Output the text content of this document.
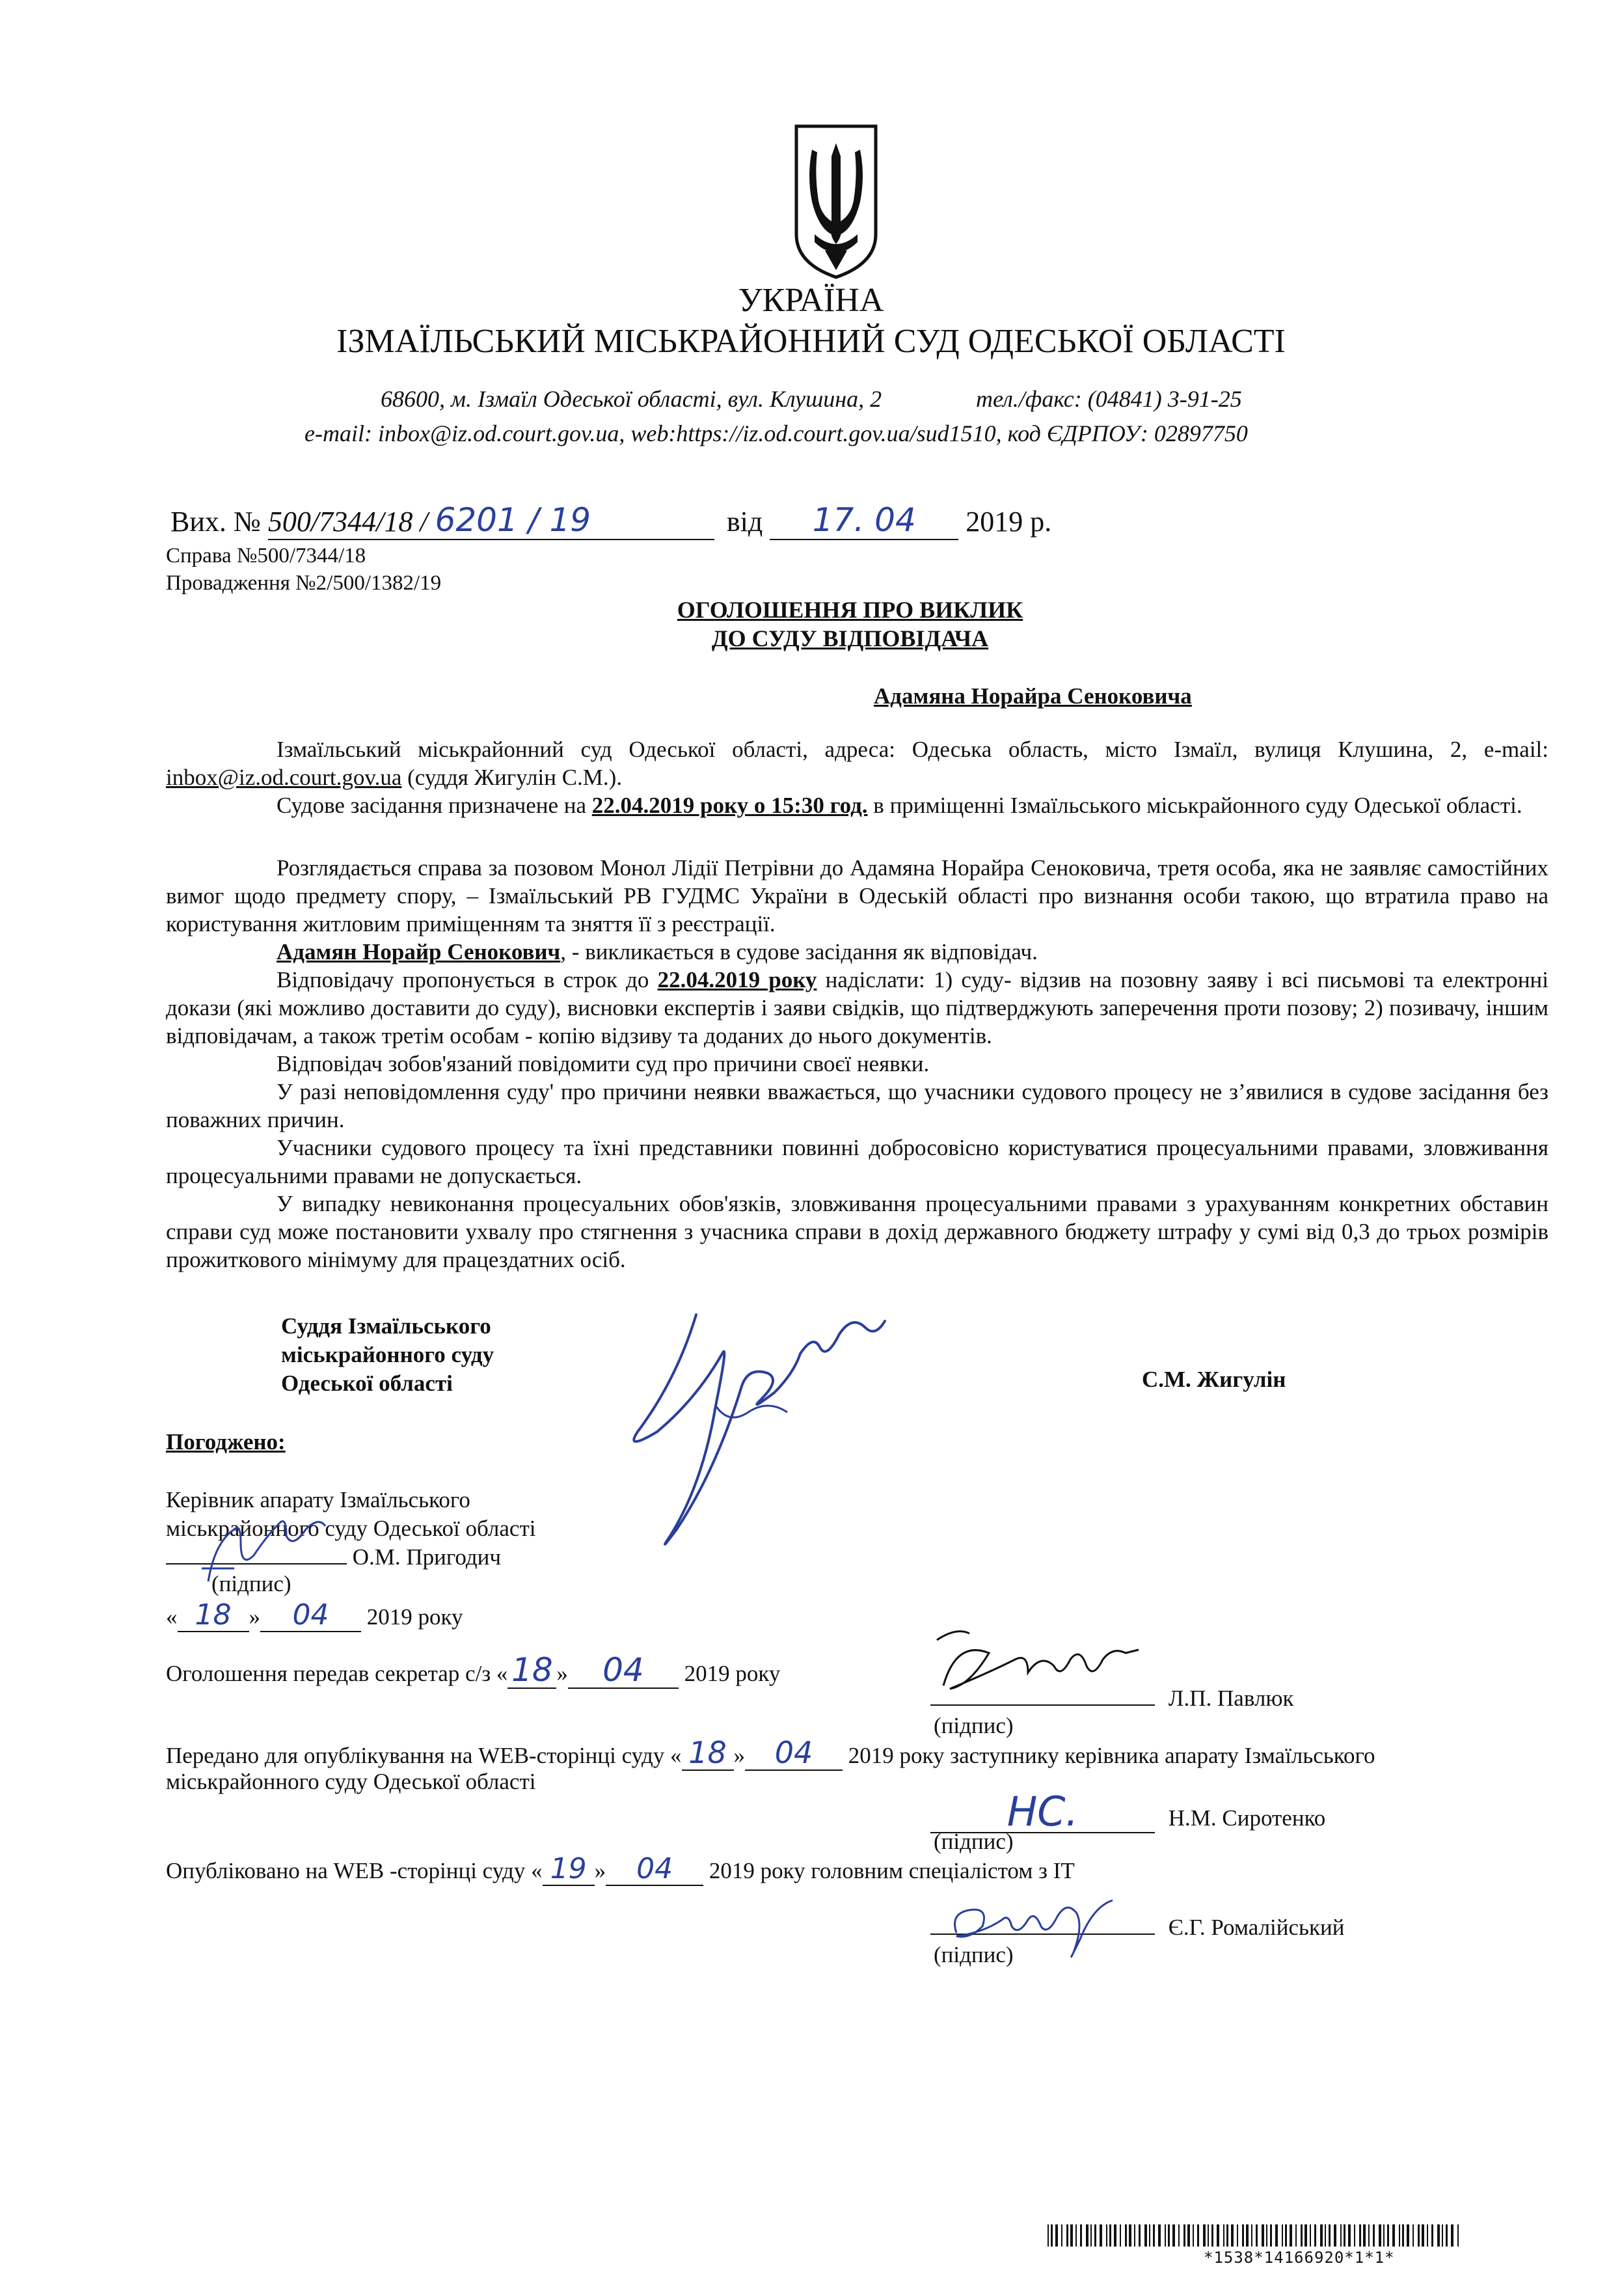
УКРАЇНА
ІЗМАЇЛЬСЬКИЙ МІСЬКРАЙОННИЙ СУД ОДЕСЬКОЇ ОБЛАСТІ
68600, м. Ізмаїл Одеської області, вул. Клушина, 2	тел./факс: (04841) 3-91-25
e-mail: inbox@iz.od.court.gov.ua, web:https://iz.od.court.gov.ua/sud1510, код ЄДРПОУ: 02897750
Вих. № 500/7344/18 / 6201 / 19	від 17. 04 2019 р.
Справа №500/7344/18
Провадження №2/500/1382/19
ОГОЛОШЕННЯ ПРО ВИКЛИК
ДО СУДУ ВІДПОВІДАЧА
Адамяна Норайра Сеноковича

Ізмаїльський міськрайонний суд Одеської області, адреса: Одеська область, місто Ізмаїл, вулиця Клушина, 2, e-mail: inbox@iz.od.court.gov.ua (суддя Жигулін С.М.).

Судове засідання призначене на 22.04.2019 року о 15:30 год. в приміщенні Ізмаїльського міськрайонного суду Одеської області.

Розглядається справа за позовом Монол Лідії Петрівни до Адамяна Норайра Сеноковича, третя особа, яка не заявляє самостійних вимог щодо предмету спору, – Ізмаїльський РВ ГУДМС України в Одеській області про визнання особи такою, що втратила право на користування житловим приміщенням та зняття її з реєстрації.

Адамян Норайр Сенокович, - викликається в судове засідання як відповідач.

Відповідачу пропонується в строк до 22.04.2019 року надіслати: 1) суду- відзив на позовну заяву і всі письмові та електронні докази (які можливо доставити до суду), висновки експертів і заяви свідків, що підтверджують заперечення проти позову; 2) позивачу, іншим відповідачам, а також третім особам - копію відзиву та доданих до нього документів.

Відповідач зобов'язаний повідомити суд про причини своєї неявки.

У разі неповідомлення суду' про причини неявки вважається, що учасники судового процесу не з’явилися в судове засідання без поважних причин.

Учасники судового процесу та їхні представники повинні добросовісно користуватися процесуальними правами, зловживання процесуальними правами не допускається.

У випадку невиконання процесуальних обов'язків, зловживання процесуальними правами з урахуванням конкретних обставин справи суд може постановити ухвалу про стягнення з учасника справи в дохід державного бюджету штрафу у сумі від 0,3 до трьох розмірів прожиткового мінімуму для працездатних осіб.

Суддя Ізмаїльського
міськрайонного суду
Одеської області	С.М. Жигулін
Погоджено:
Керівник апарату Ізмаїльського
міськрайонного суду Одеської області
О.М. Пригодич
(підпис)
« 18 » 04 2019 року
Оголошення передав секретар с/з « 18 » 04 2019 року
Л.П. Павлюк
(підпис)
Передано для опублікування на WEB-сторінці суду « 18 » 04 2019 року заступнику керівника апарату Ізмаїльського
міськрайонного суду Одеської області
НС.	Н.М. Сиротенко
(підпис)
Опубліковано на WEB -сторінці суду « 19 » 04 2019 року головним спеціалістом з IT
Є.Г. Ромалійський
(підпис)
*1538*14166920*1*1*
